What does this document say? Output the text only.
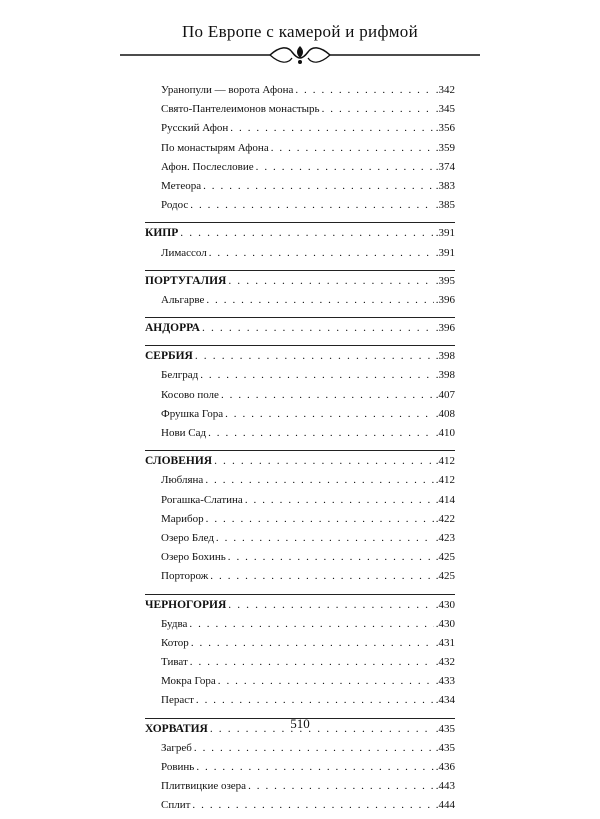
По Европе с камерой и рифмой
Уранопули — ворота Афона . . .	.342
Свято-Пантелеимонов монастырь . . .	.345
Русский Афон . . .	.356
По монастырям Афона . . .	.359
Афон. Послесловие . . .	.374
Метеора . . .	.383
Родос . . .	.385
КИПР . . .	.391
Лимассол . . .	.391
ПОРТУГАЛИЯ . . .	.395
Альгарве . . .	.396
АНДОРРА . . .	.396
СЕРБИЯ . . .	.398
Белград . . .	.398
Косово поле . . .	.407
Фрушка Гора . . .	.408
Нови Сад . . .	.410
СЛОВЕНИЯ . . .	.412
Любляна . . .	.412
Рогашка-Слатина . . .	.414
Марибор . . .	.422
Озеро Блед . . .	.423
Озеро Бохинь . . .	.425
Порторож . . .	.425
ЧЕРНОГОРИЯ . . .	.430
Будва . . .	.430
Котор . . .	.431
Тиват . . .	.432
Мокра Гора . . .	.433
Пераст . . .	.434
ХОРВАТИЯ . . .	.435
Загреб . . .	.435
Ровинь . . .	.436
Плитвицкие озера . . .	.443
Сплит . . .	.444
510
